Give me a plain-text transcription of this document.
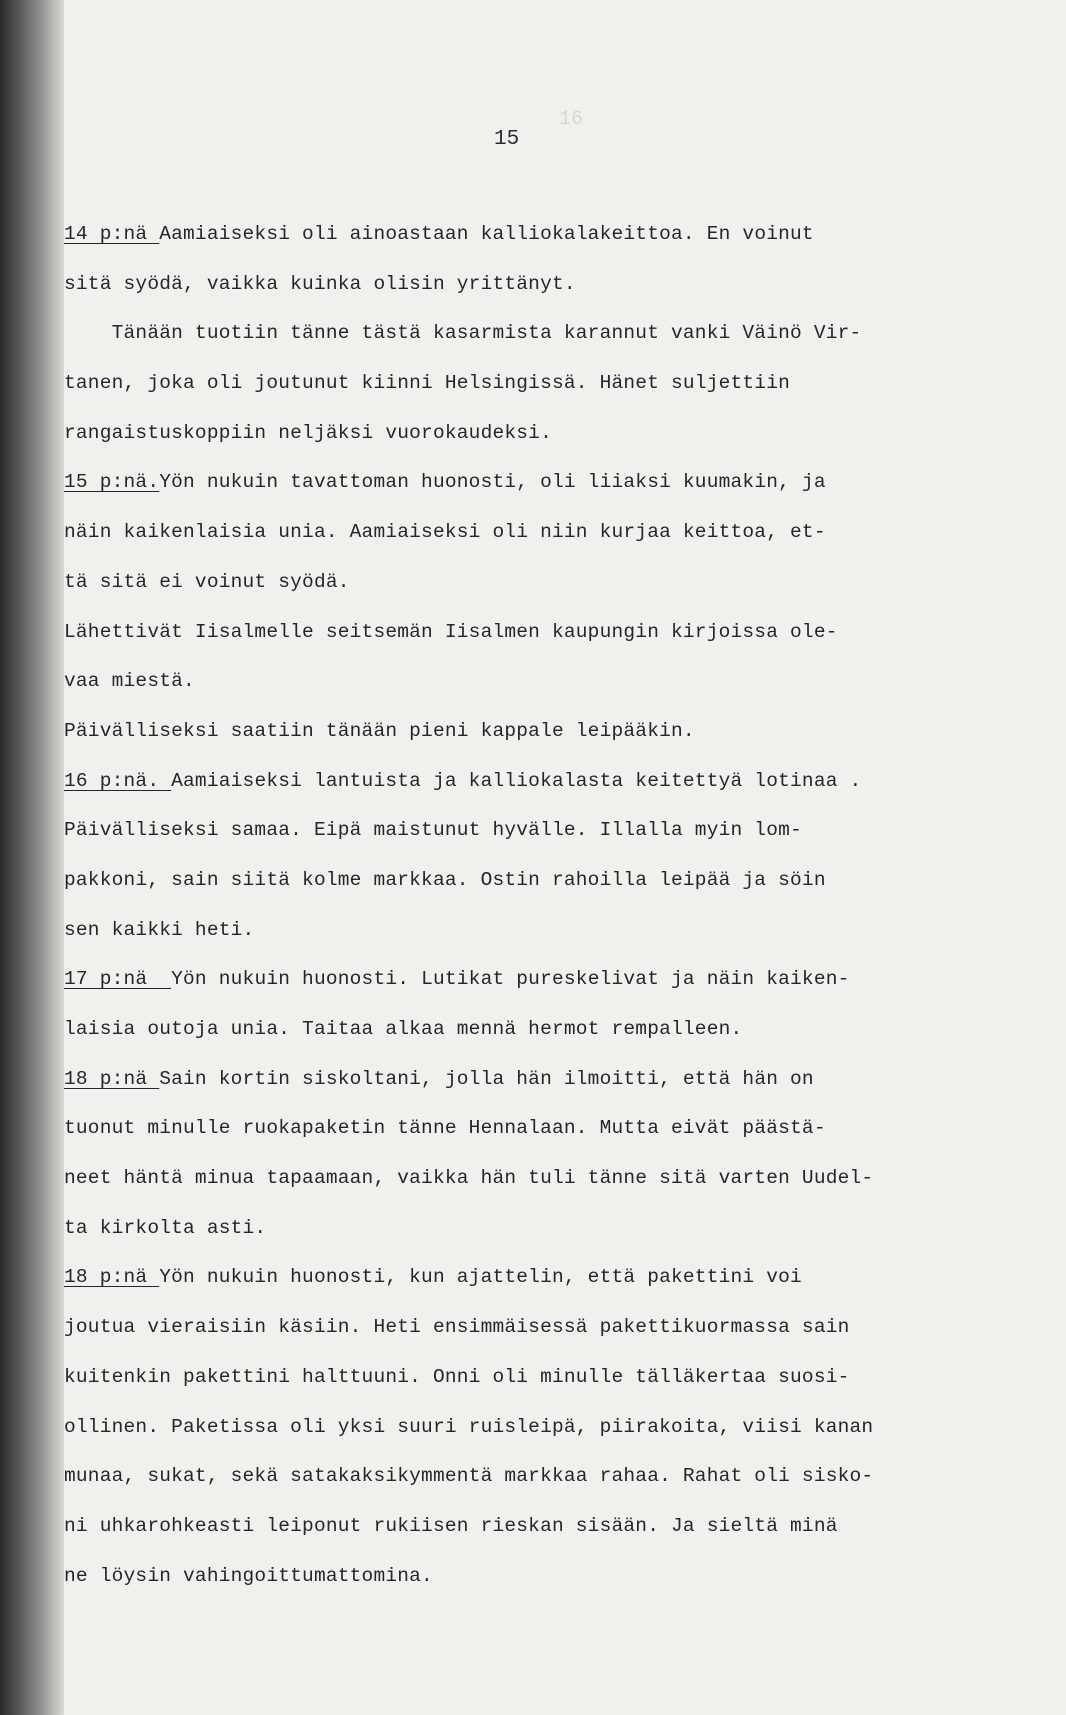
16
15
14 p:nä Aamiaiseksi oli ainoastaan kalliokalakeittoa. En voinut
sitä syödä, vaikka kuinka olisin yrittänyt.
Tänään tuotiin tänne tästä kasarmista karannut vanki Väinö Vir-
tanen, joka oli joutunut kiinni Helsingissä. Hänet suljettiin
rangaistuskoppiin neljäksi vuorokaudeksi.
15 p:nä.Yön nukuin tavattoman huonosti, oli liiaksi kuumakin, ja
näin kaikenlaisia unia. Aamiaiseksi oli niin kurjaa keittoa, et-
tä sitä ei voinut syödä.
Lähettivät Iisalmelle seitsemän Iisalmen kaupungin kirjoissa ole-
vaa miestä.
Päivälliseksi saatiin tänään pieni kappale leipääkin.
16 p:nä. Aamiaiseksi lantuista ja kalliokalasta keitettyä lotinaa .
Päivälliseksi samaa. Eipä maistunut hyvälle. Illalla myin lom-
pakkoni, sain siitä kolme markkaa. Ostin rahoilla leipää ja söin
sen kaikki heti.
17 p:nä  Yön nukuin huonosti. Lutikat pureskelivat ja näin kaiken-
laisia outoja unia. Taitaa alkaa mennä hermot rempalleen.
18 p:nä Sain kortin siskoltani, jolla hän ilmoitti, että hän on
tuonut minulle ruokapaketin tänne Hennalaan. Mutta eivät päästä-
neet häntä minua tapaamaan, vaikka hän tuli tänne sitä varten Uudel-
ta kirkolta asti.
18 p:nä Yön nukuin huonosti, kun ajattelin, että pakettini voi
joutua vieraisiin käsiin. Heti ensimmäisessä pakettikuormassa sain
kuitenkin pakettini halttuuni. Onni oli minulle tälläkertaa suosi-
ollinen. Paketissa oli yksi suuri ruisleipä, piirakoita, viisi kanan
munaa, sukat, sekä satakaksikymmentä markkaa rahaa. Rahat oli sisko-
ni uhkarohkeasti leiponut rukiisen rieskan sisään. Ja sieltä minä
ne löysin vahingoittumattomina.
